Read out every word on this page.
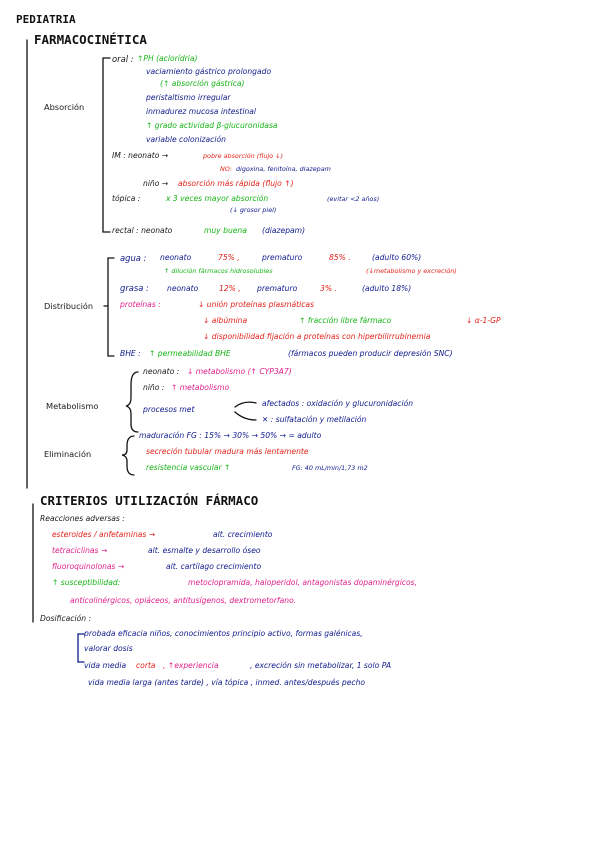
PEDIATRIA
FARMACOCINÉTICA
Absorción
oral : ↑PH (aclorídria)
vaciamiento gástrico prolongado
(↑ absorción gástrica)
peristaltismo irregular
inmadurez mucosa intestinal
↑ grado actividad β-glucuronidasa
variable colonización
IM : neonato →	pobre absorción (flujo ↓)
NO: digoxina, fenitoína, diazepam
niño → absorción más rápida (flujo ↑)
tópica :	x 3 veces mayor absorción	(evitar <2 años)
(↓ grosor piel)
rectal : neonato	muy buena (diazepam)
Distribución
agua : neonato	75% ,	prematuro	85% .	(adulto 60%)
↑ dilución fármacos hidrosolubles	(↓metabolismo y excreción)
grasa : neonato	12% , prematuro	3% .	(adulto 18%)
proteínas :	↓ unión proteínas plasmáticas
↓ albúmina	↑ fracción libre fármaco	↓ α-1-GP
↓ disponibilidad fijación a proteínas con hiperbilirrubinemia
BHE : ↑ permeabilidad BHE	(fármacos pueden producir depresión SNC)
Metabolismo
neonato : ↓ metabolismo (↑ CYP3A7)
niño : ↑ metabolismo
procesos met
afectados : oxidación y glucuronidación
✕ : sulfatación y metilación
Eliminación
maduración FG : 15% → 30% → 50% → = adulto
secreción tubular madura más lentamente
resistencia vascular ↑	FG: 40 mL/min/1,73 m2
CRITERIOS UTILIZACIÓN FÁRMACO
Reacciones adversas :
esteroides / anfetaminas →	alt. crecimiento
tetraciclinas →	alt. esmalte y desarrollo óseo
fluoroquinolonas →	alt. cartílago crecimiento
↑ susceptibilidad:	metoclopramida, haloperidol, antagonistas dopaminérgicos,
anticolinérgicos, opiáceos, antitusígenos, dextrometorfano.
Dosificación :
probada eficacia niños, conocimientos principio activo, formas galénicas,
valorar dosis
vida media corta , ↑experiencia	, excreción sin metabolizar, 1 solo PA
vida media larga (antes tarde) , vía tópica , inmed. antes/después pecho
